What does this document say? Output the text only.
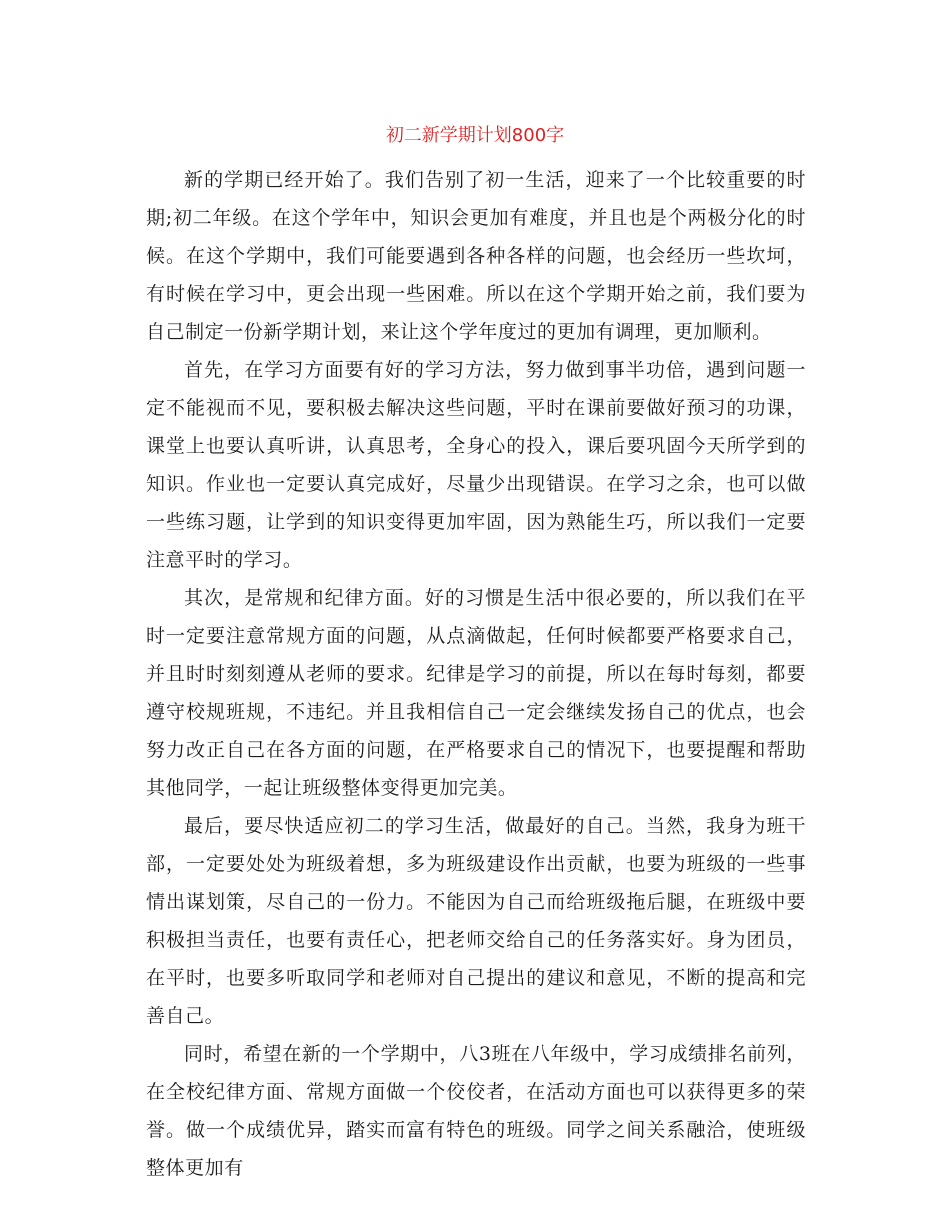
初二新学期计划800字

新的学期已经开始了。我们告别了初一生活，迎来了一个比较重要的时期;初二年级。在这个学年中，知识会更加有难度，并且也是个两极分化的时候。在这个学期中，我们可能要遇到各种各样的问题，也会经历一些坎坷，有时候在学习中，更会出现一些困难。所以在这个学期开始之前，我们要为自己制定一份新学期计划，来让这个学年度过的更加有调理，更加顺利。

首先，在学习方面要有好的学习方法，努力做到事半功倍，遇到问题一定不能视而不见，要积极去解决这些问题，平时在课前要做好预习的功课，课堂上也要认真听讲，认真思考，全身心的投入，课后要巩固今天所学到的知识。作业也一定要认真完成好，尽量少出现错误。在学习之余，也可以做一些练习题，让学到的知识变得更加牢固，因为熟能生巧，所以我们一定要注意平时的学习。

其次，是常规和纪律方面。好的习惯是生活中很必要的，所以我们在平时一定要注意常规方面的问题，从点滴做起，任何时候都要严格要求自己，并且时时刻刻遵从老师的要求。纪律是学习的前提，所以在每时每刻，都要遵守校规班规，不违纪。并且我相信自己一定会继续发扬自己的优点，也会努力改正自己在各方面的问题，在严格要求自己的情况下，也要提醒和帮助其他同学，一起让班级整体变得更加完美。

最后，要尽快适应初二的学习生活，做最好的自己。当然，我身为班干部，一定要处处为班级着想，多为班级建设作出贡献，也要为班级的一些事情出谋划策，尽自己的一份力。不能因为自己而给班级拖后腿，在班级中要积极担当责任，也要有责任心，把老师交给自己的任务落实好。身为团员，在平时，也要多听取同学和老师对自己提出的建议和意见，不断的提高和完善自己。

同时，希望在新的一个学期中，八3班在八年级中，学习成绩排名前列，在全校纪律方面、常规方面做一个佼佼者，在活动方面也可以获得更多的荣誉。做一个成绩优异，踏实而富有特色的班级。同学之间关系融洽，使班级整体更加有
